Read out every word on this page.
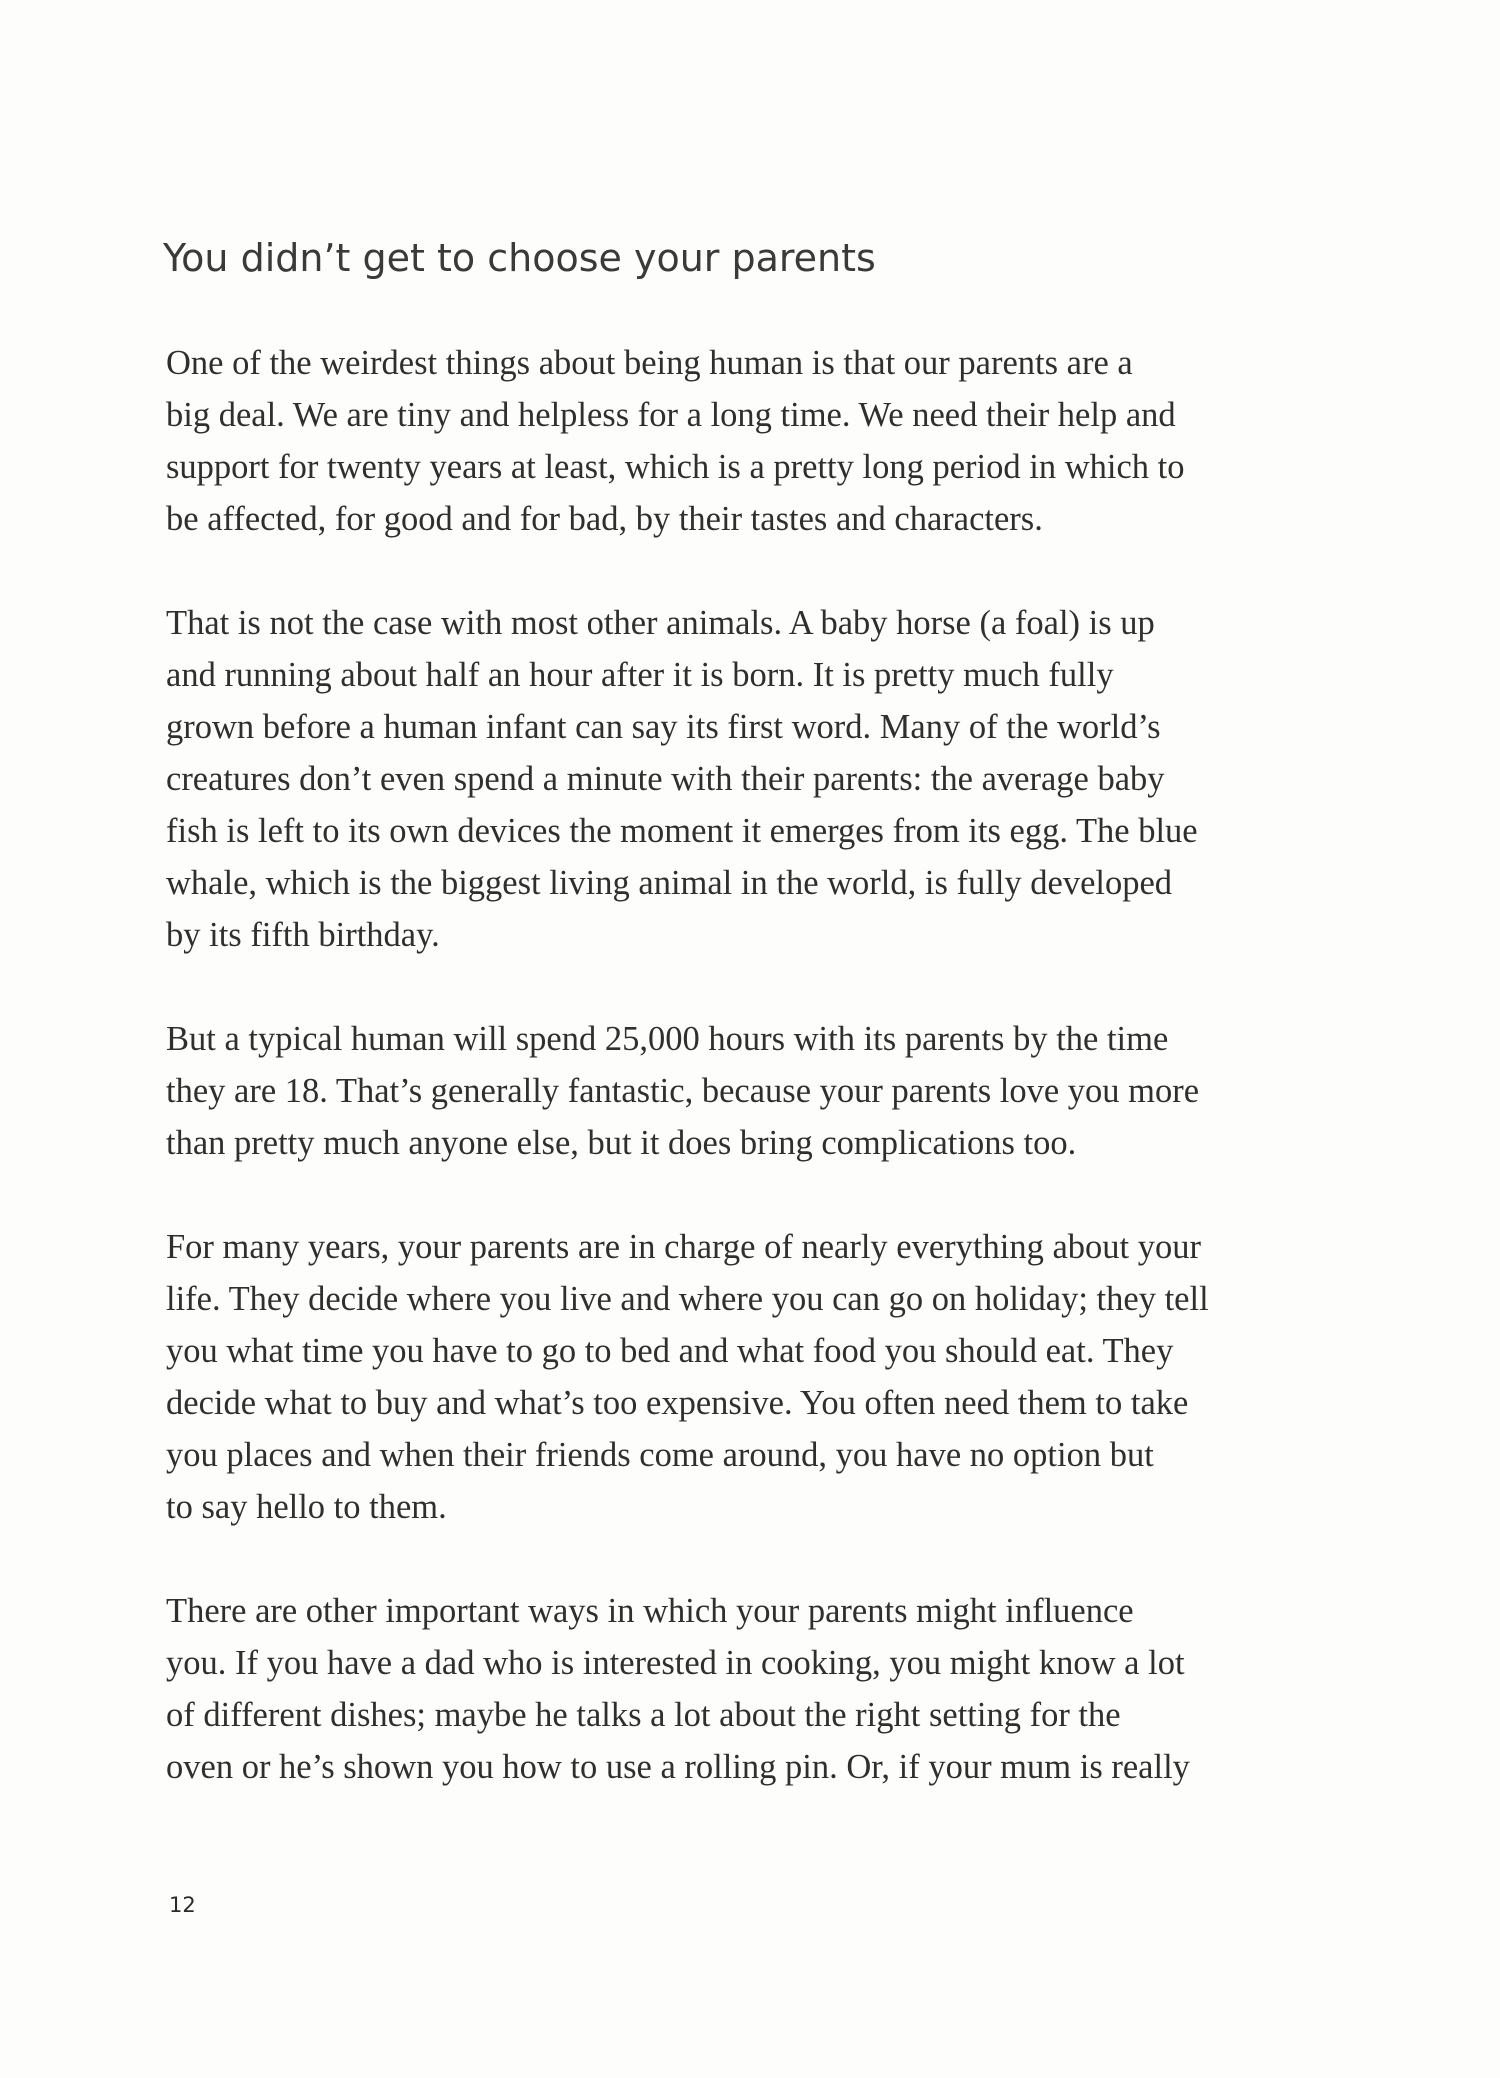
You didn’t get to choose your parents

One of the weirdest things about being human is that our parents are a
big deal. We are tiny and helpless for a long time. We need their help and
support for twenty years at least, which is a pretty long period in which to
be affected, for good and for bad, by their tastes and characters.

That is not the case with most other animals. A baby horse (a foal) is up
and running about half an hour after it is born. It is pretty much fully
grown before a human infant can say its first word. Many of the world’s
creatures don’t even spend a minute with their parents: the average baby
fish is left to its own devices the moment it emerges from its egg. The blue
whale, which is the biggest living animal in the world, is fully developed
by its fifth birthday.

But a typical human will spend 25,000 hours with its parents by the time
they are 18. That’s generally fantastic, because your parents love you more
than pretty much anyone else, but it does bring complications too.

For many years, your parents are in charge of nearly everything about your
life. They decide where you live and where you can go on holiday; they tell
you what time you have to go to bed and what food you should eat. They
decide what to buy and what’s too expensive. You often need them to take
you places and when their friends come around, you have no option but
to say hello to them.

There are other important ways in which your parents might influence
you. If you have a dad who is interested in cooking, you might know a lot
of different dishes; maybe he talks a lot about the right setting for the
oven or he’s shown you how to use a rolling pin. Or, if your mum is really

12
